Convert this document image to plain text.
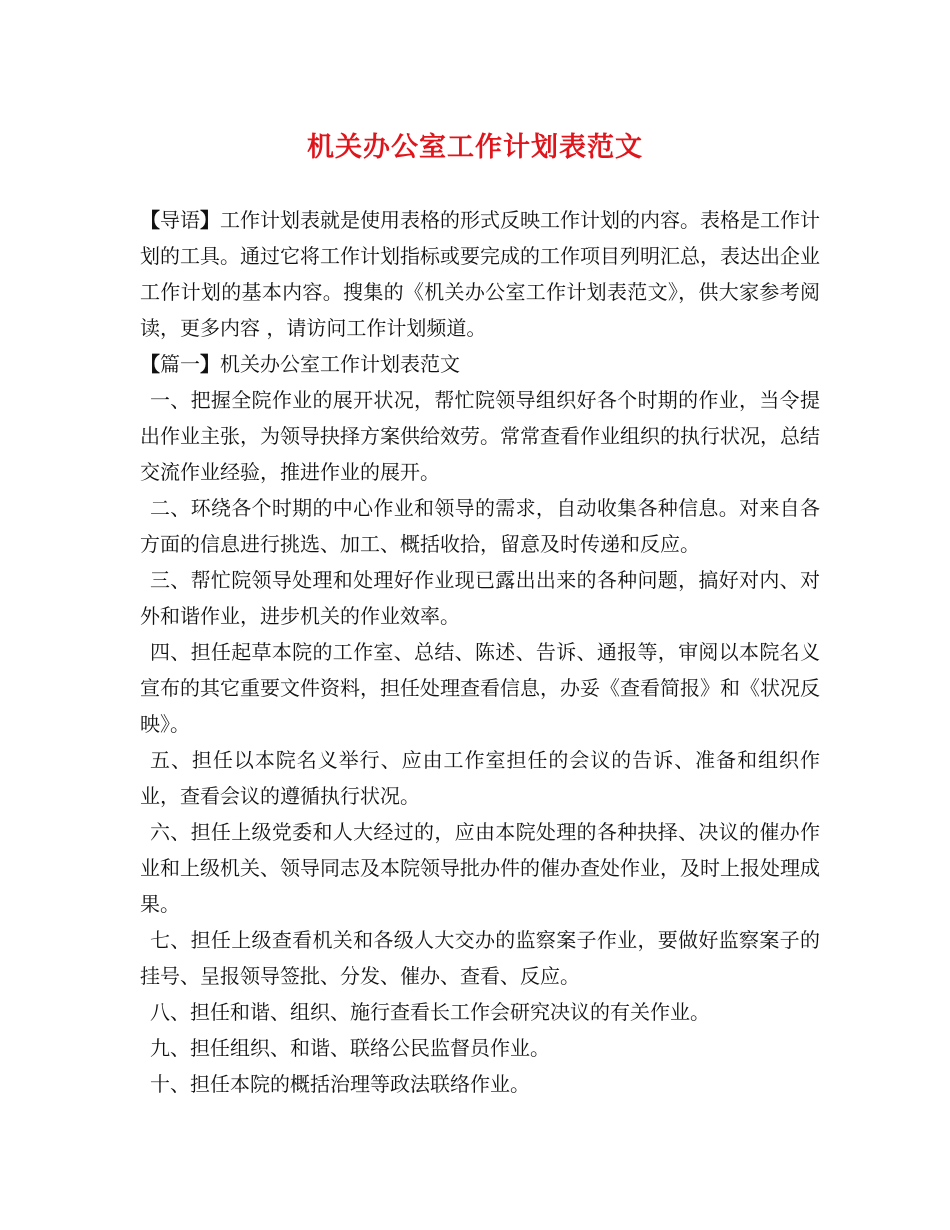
机关办公室工作计划表范文

【导语】工作计划表就是使用表格的形式反映工作计划的内容。表格是工作计划的工具。通过它将工作计划指标或要完成的工作项目列明汇总，表达出企业工作计划的基本内容。搜集的《机关办公室工作计划表范文》，供大家参考阅读，更多内容 ，请访问工作计划频道。

【篇一】机关办公室工作计划表范文

一、把握全院作业的展开状况，帮忙院领导组织好各个时期的作业，当令提出作业主张，为领导抉择方案供给效劳。常常查看作业组织的执行状况，总结交流作业经验，推进作业的展开。

二、环绕各个时期的中心作业和领导的需求，自动收集各种信息。对来自各方面的信息进行挑选、加工、概括收拾，留意及时传递和反应。

三、帮忙院领导处理和处理好作业现已露出出来的各种问题，搞好对内、对外和谐作业，进步机关的作业效率。

四、担任起草本院的工作室、总结、陈述、告诉、通报等，审阅以本院名义宣布的其它重要文件资料，担任处理查看信息，办妥《查看简报》和《状况反映》。

五、担任以本院名义举行、应由工作室担任的会议的告诉、准备和组织作业，查看会议的遵循执行状况。

六、担任上级党委和人大经过的，应由本院处理的各种抉择、决议的催办作业和上级机关、领导同志及本院领导批办件的催办查处作业，及时上报处理成果。

七、担任上级查看机关和各级人大交办的监察案子作业，要做好监察案子的挂号、呈报领导签批、分发、催办、查看、反应。

八、担任和谐、组织、施行查看长工作会研究决议的有关作业。

九、担任组织、和谐、联络公民监督员作业。

十、担任本院的概括治理等政法联络作业。
